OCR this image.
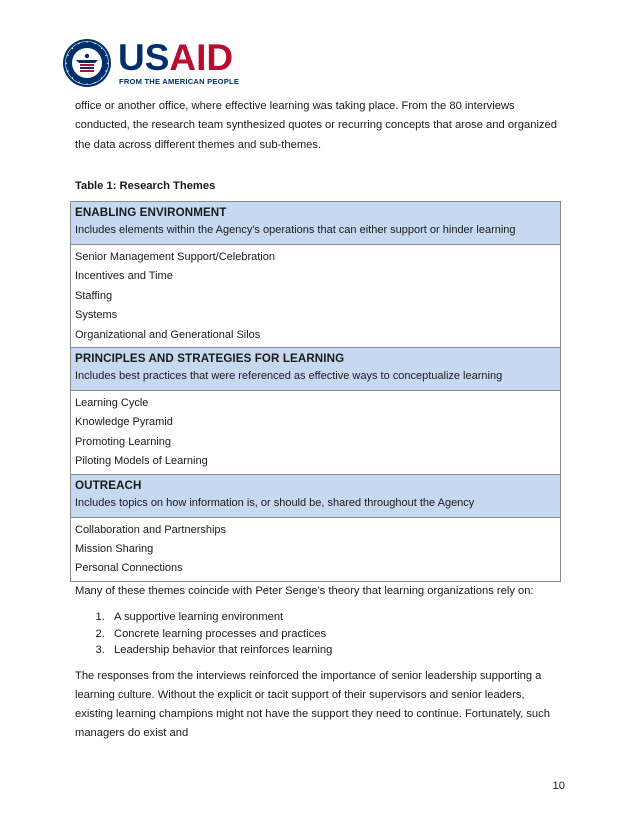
USAID
FROM THE AMERICAN PEOPLE

office or another office, where effective learning was taking place. From the 80 interviews conducted, the research team synthesized quotes or recurring concepts that arose and organized the data across different themes and sub-themes.

Table 1: Research Themes
ENABLING ENVIRONMENT
Includes elements within the Agency's operations that can either support or hinder learning

Senior Management Support/Celebration
Incentives and Time
Staffing
Systems
Organizational and Generational Silos

PRINCIPLES AND STRATEGIES FOR LEARNING
Includes best practices that were referenced as effective ways to conceptualize learning

Learning Cycle
Knowledge Pyramid
Promoting Learning
Piloting Models of Learning

OUTREACH
Includes topics on how information is, or should be, shared throughout the Agency

Collaboration and Partnerships
Mission Sharing
Personal Connections

Many of these themes coincide with Peter Senge's theory that learning organizations rely on:

1. A supportive learning environment
2. Concrete learning processes and practices
3. Leadership behavior that reinforces learning

The responses from the interviews reinforced the importance of senior leadership supporting a learning culture. Without the explicit or tacit support of their supervisors and senior leaders, existing learning champions might not have the support they need to continue. Fortunately, such managers do exist and

10
